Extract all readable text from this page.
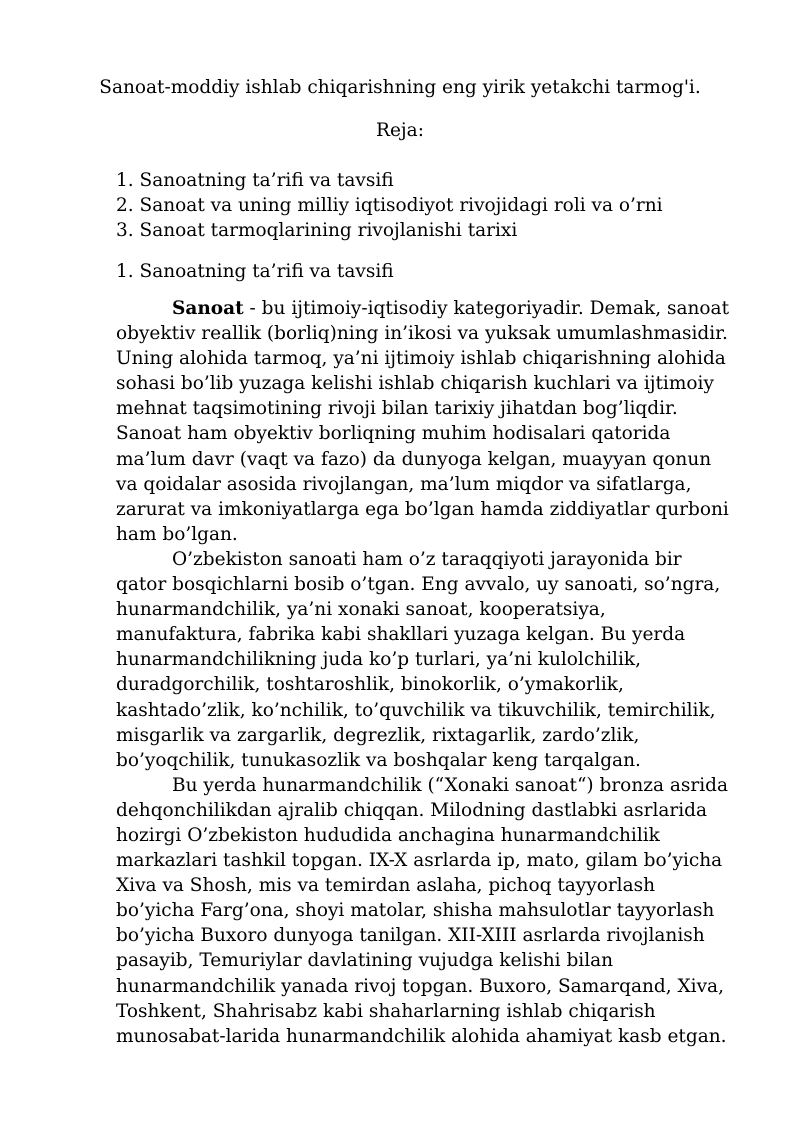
Sanoat-moddiy ishlab chiqarishning eng yirik yetakchi tarmog'i.
Reja:
1. Sanoatning ta’rifi va tavsifi
2. Sanoat va uning milliy iqtisodiyot rivojidagi roli va o’rni
3. Sanoat tarmoqlarining rivojlanishi tarixi
1. Sanoatning ta’rifi va tavsifi
Sanoat - bu ijtimoiy-iqtisodiy kategoriyadir. Demak, sanoat
obyektiv reallik (borliq)ning in’ikosi va yuksak umumlashmasidir.
Uning alohida tarmoq, ya’ni ijtimoiy ishlab chiqarishning alohida
sohasi bo’lib yuzaga kelishi ishlab chiqarish kuchlari va ijtimoiy
mehnat taqsimotining rivoji bilan tarixiy jihatdan bog’liqdir.
Sanoat ham obyektiv borliqning muhim hodisalari qatorida
ma’lum davr (vaqt va fazo) da dunyoga kelgan, muayyan qonun
va qoidalar asosida rivojlangan, ma’lum miqdor va sifatlarga,
zarurat va imkoniyatlarga ega bo’lgan hamda ziddiyatlar qurboni
ham bo’lgan.
O’zbekiston sanoati ham o’z taraqqiyoti jarayonida bir
qator bosqichlarni bosib o’tgan. Eng avvalo, uy sanoati, so’ngra,
hunarmandchilik, ya’ni xonaki sanoat, kooperatsiya,
manufaktura, fabrika kabi shakllari yuzaga kelgan. Bu yerda
hunarmandchilikning juda ko’p turlari, ya’ni kulolchilik,
duradgorchilik, toshtaroshlik, binokorlik, o’ymakorlik,
kashtado’zlik, ko’nchilik, to’quvchilik va tikuvchilik, temirchilik,
misgarlik va zargarlik, degrezlik, rixtagarlik, zardo’zlik,
bo’yoqchilik, tunukasozlik va boshqalar keng tarqalgan.
Bu yerda hunarmandchilik (“Xonaki sanoat“) bronza asrida
dehqonchilikdan ajralib chiqqan. Milodning dastlabki asrlarida
hozirgi O’zbekiston hududida anchagina hunarmandchilik
markazlari tashkil topgan. IX-X asrlarda ip, mato, gilam bo’yicha
Xiva va Shosh, mis va temirdan aslaha, pichoq tayyorlash
bo’yicha Farg’ona, shoyi matolar, shisha mahsulotlar tayyorlash
bo’yicha Buxoro dunyoga tanilgan. XII-XIII asrlarda rivojlanish
pasayib, Temuriylar davlatining vujudga kelishi bilan
hunarmandchilik yanada rivoj topgan. Buxoro, Samarqand, Xiva,
Toshkent, Shahrisabz kabi shaharlarning ishlab chiqarish
munosabat-larida hunarmandchilik alohida ahamiyat kasb etgan.
